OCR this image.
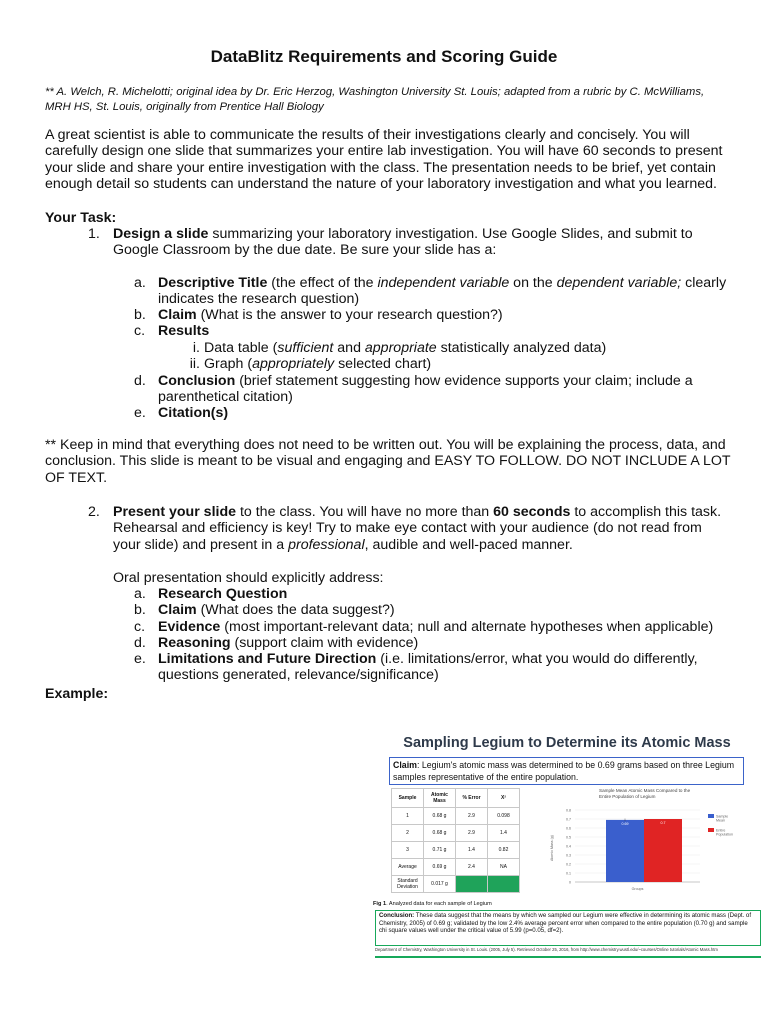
DataBlitz Requirements and Scoring Guide
** A. Welch, R. Michelotti; original idea by Dr. Eric Herzog, Washington University St. Louis; adapted from a rubric by C. McWilliams, MRH HS, St. Louis, originally from Prentice Hall Biology
A great scientist is able to communicate the results of their investigations clearly and concisely. You will carefully design one slide that summarizes your entire lab investigation. You will have 60 seconds to present your slide and share your entire investigation with the class. The presentation needs to be brief, yet contain enough detail so students can understand the nature of your laboratory investigation and what you learned.
Your Task:
1. Design a slide summarizing your laboratory investigation. Use Google Slides, and submit to Google Classroom by the due date. Be sure your slide has a:
a. Descriptive Title (the effect of the independent variable on the dependent variable; clearly indicates the research question)
b. Claim (What is the answer to your research question?)
c. Results
i. Data table (sufficient and appropriate statistically analyzed data)
ii. Graph (appropriately selected chart)
d. Conclusion (brief statement suggesting how evidence supports your claim; include a parenthetical citation)
e. Citation(s)
** Keep in mind that everything does not need to be written out. You will be explaining the process, data, and conclusion. This slide is meant to be visual and engaging and EASY TO FOLLOW. DO NOT INCLUDE A LOT OF TEXT.
2. Present your slide to the class. You will have no more than 60 seconds to accomplish this task. Rehearsal and efficiency is key! Try to make eye contact with your audience (do not read from your slide) and present in a professional, audible and well-paced manner.
Oral presentation should explicitly address:
a. Research Question
b. Claim (What does the data suggest?)
c. Evidence (most important-relevant data; null and alternate hypotheses when applicable)
d. Reasoning (support claim with evidence)
e. Limitations and Future Direction (i.e. limitations/error, what you would do differently, questions generated, relevance/significance)
Example:
Sampling Legium to Determine its Atomic Mass
Claim: Legium's atomic mass was determined to be 0.69 grams based on three Legium samples representative of the entire population.
Sample	Atomic Mass	% Error	X²
1	0.68 g	2.9	0.098
2	0.68 g	2.9	1.4
3	0.71 g	1.4	0.82
Average	0.69 g	2.4	NA
Standard Deviation	0.017 g		
Sample Mean Atomic Mass Compared to the
Entire Population of Legium
0
0.1
0.2
0.3
0.4
0.5
0.6
0.7
0.8
Atomic Mass (g)
Groups
0.69	0.7
Sample
Mean
Entire
Population
Fig 1. Analyzed data for each sample of Legium
Conclusion: These data suggest that the means by which we sampled our Legium were effective in determining its atomic mass (Dept. of Chemistry, 2005) of 0.69 g; validated by the low 2.4% average percent error when compared to the entire population (0.70 g) and sample chi square values well under the critical value of 5.99 (p=0.05, df=2).
Department of Chemistry, Washington University in St. Louis. (2005, July 5). Retrieved October 25, 2016, from http://www.chemistry.wustl.edu/~courses/Online tutorials/Atomic Mass.htm
